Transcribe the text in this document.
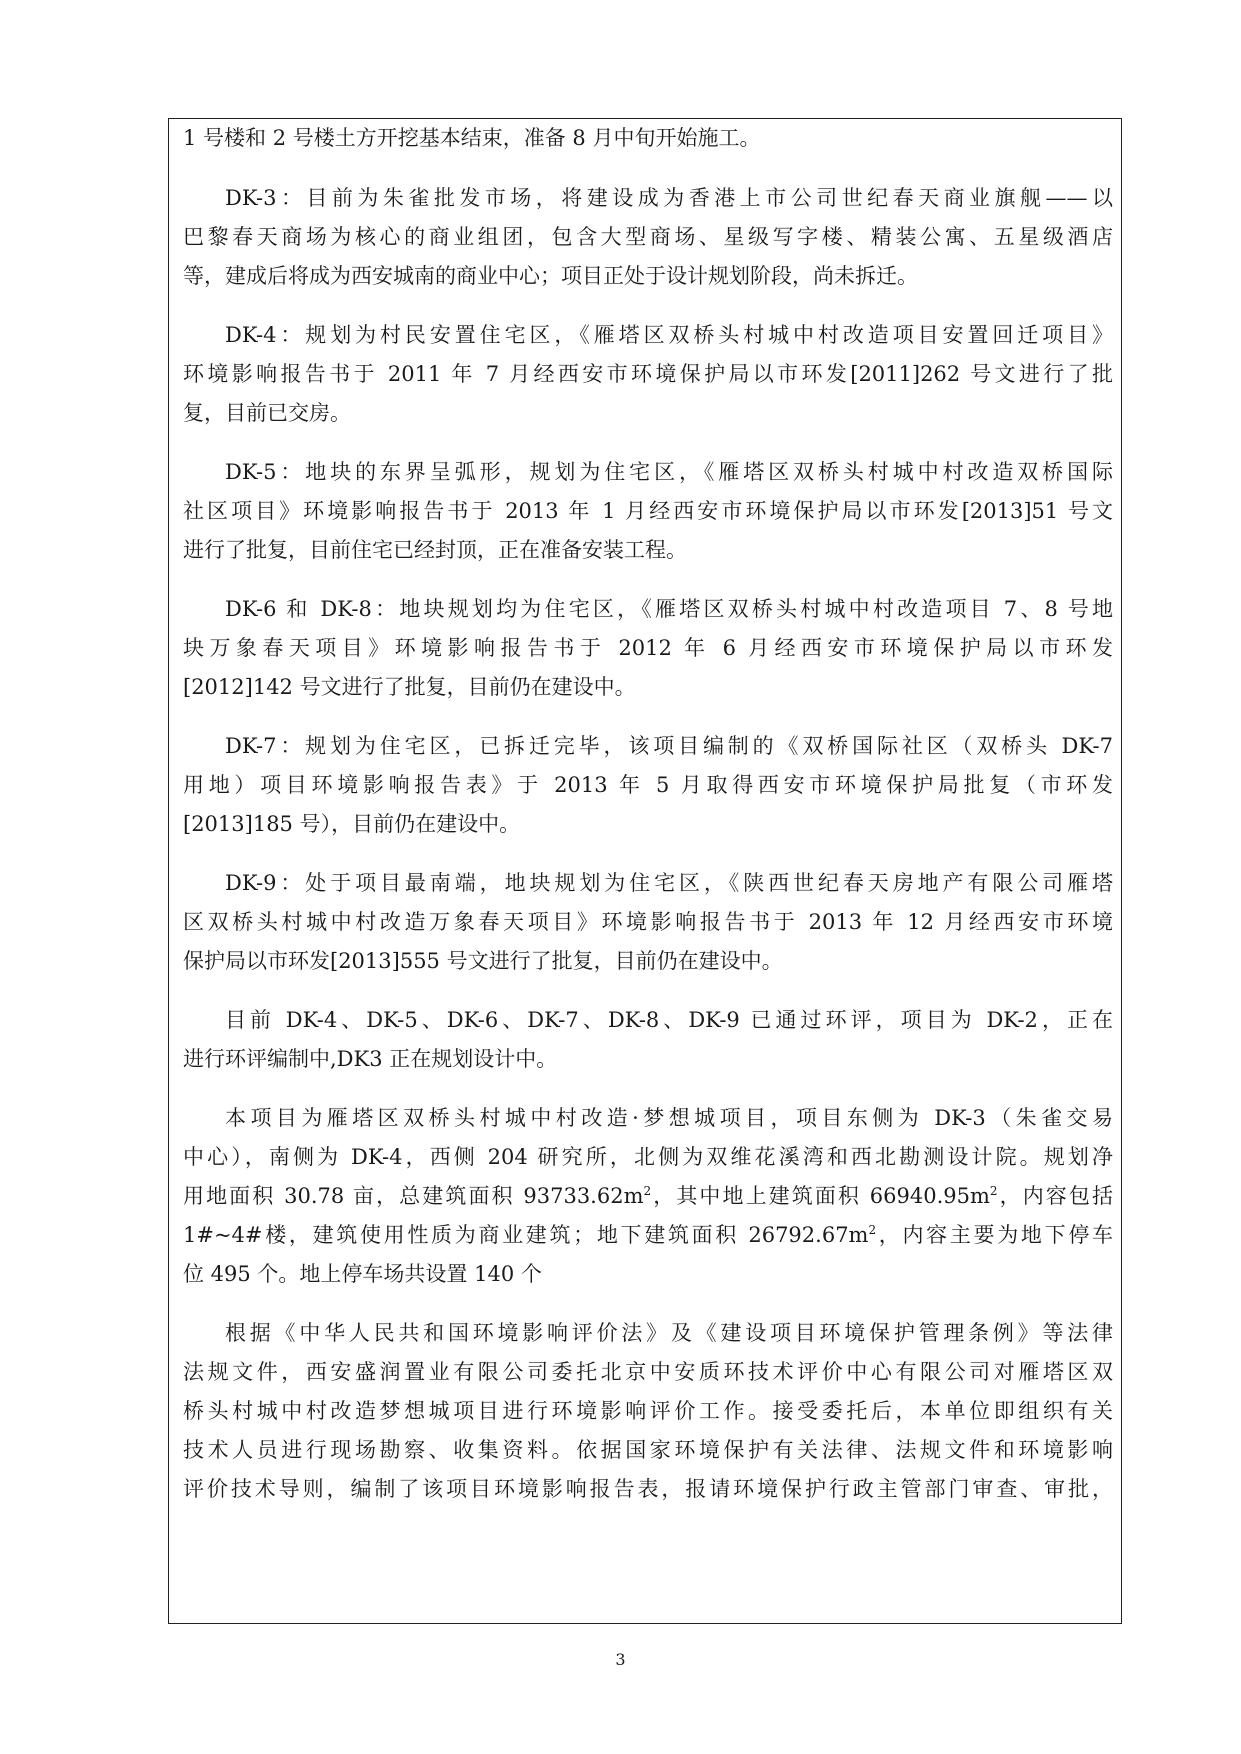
1 号楼和 2 号楼土方开挖基本结束，准备 8 月中旬开始施工。
DK-3：目前为朱雀批发市场，将建设成为香港上市公司世纪春天商业旗舰——以
巴黎春天商场为核心的商业组团，包含大型商场、星级写字楼、精装公寓、五星级酒店
等，建成后将成为西安城南的商业中心；项目正处于设计规划阶段，尚未拆迁。
DK-4：规划为村民安置住宅区，《雁塔区双桥头村城中村改造项目安置回迁项目》
环境影响报告书于 2011 年 7 月经西安市环境保护局以市环发[2011]262 号文进行了批
复，目前已交房。
DK-5：地块的东界呈弧形，规划为住宅区，《雁塔区双桥头村城中村改造双桥国际
社区项目》环境影响报告书于 2013 年 1 月经西安市环境保护局以市环发[2013]51 号文
进行了批复，目前住宅已经封顶，正在准备安装工程。
DK-6 和 DK-8：地块规划均为住宅区，《雁塔区双桥头村城中村改造项目 7、8 号地
块万象春天项目》环境影响报告书于 2012 年 6 月经西安市环境保护局以市环发
[2012]142 号文进行了批复，目前仍在建设中。
DK-7：规划为住宅区，已拆迁完毕，该项目编制的《双桥国际社区（双桥头 DK-7
用地）项目环境影响报告表》于 2013 年 5 月取得西安市环境保护局批复（市环发
[2013]185 号），目前仍在建设中。
DK-9：处于项目最南端，地块规划为住宅区，《陕西世纪春天房地产有限公司雁塔
区双桥头村城中村改造万象春天项目》环境影响报告书于 2013 年 12 月经西安市环境
保护局以市环发[2013]555 号文进行了批复，目前仍在建设中。
目前 DK-4、DK-5、DK-6、DK-7、DK-8、DK-9 已通过环评，项目为 DK-2，正在
进行环评编制中,DK3 正在规划设计中。
本项目为雁塔区双桥头村城中村改造·梦想城项目，项目东侧为 DK-3（朱雀交易
中心），南侧为 DK-4，西侧 204 研究所，北侧为双维花溪湾和西北勘测设计院。规划净
用地面积 30.78 亩，总建筑面积 $93733.62m^2$，其中地上建筑面积 $66940.95m^2$，内容包括
1#~4#楼，建筑使用性质为商业建筑；地下建筑面积 $26792.67m^2$，内容主要为地下停车
位 495 个。地上停车场共设置 140 个
根据《中华人民共和国环境影响评价法》及《建设项目环境保护管理条例》等法律
法规文件，西安盛润置业有限公司委托北京中安质环技术评价中心有限公司对雁塔区双
桥头村城中村改造梦想城项目进行环境影响评价工作。接受委托后，本单位即组织有关
技术人员进行现场勘察、收集资料。依据国家环境保护有关法律、法规文件和环境影响
评价技术导则，编制了该项目环境影响报告表，报请环境保护行政主管部门审查、审批，
3
